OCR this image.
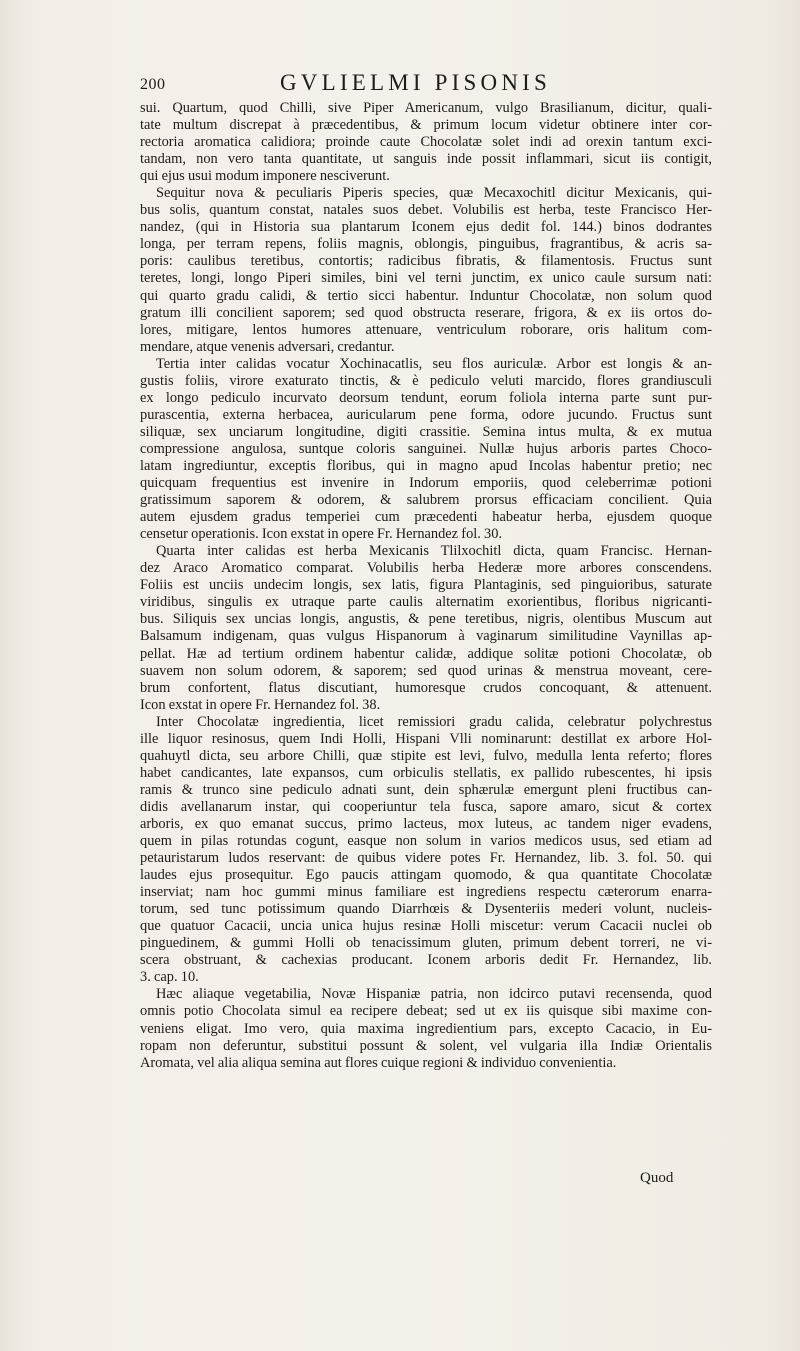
200	GVLIELMI PISONIS
sui. Quartum, quod Chilli, sive Piper Americanum, vulgo Brasilianum, dicitur, quali-
tate multum discrepat à præcedentibus, & primum locum videtur obtinere inter cor-
rectoria aromatica calidiora; proinde caute Chocolatæ solet indi ad orexin tantum exci-
tandam, non vero tanta quantitate, ut sanguis inde possit inflammari, sicut iis contigit,
qui ejus usui modum imponere nesciverunt.
Sequitur nova & peculiaris Piperis species, quæ Mecaxochitl dicitur Mexicanis, qui-
bus solis, quantum constat, natales suos debet. Volubilis est herba, teste Francisco Her-
nandez, (qui in Historia sua plantarum Iconem ejus dedit fol. 144.) binos dodrantes
longa, per terram repens, foliis magnis, oblongis, pinguibus, fragrantibus, & acris sa-
poris: caulibus teretibus, contortis; radicibus fibratis, & filamentosis. Fructus sunt
teretes, longi, longo Piperi similes, bini vel terni junctim, ex unico caule sursum nati:
qui quarto gradu calidi, & tertio sicci habentur. Induntur Chocolatæ, non solum quod
gratum illi concilient saporem; sed quod obstructa reserare, frigora, & ex iis ortos do-
lores, mitigare, lentos humores attenuare, ventriculum roborare, oris halitum com-
mendare, atque venenis adversari, credantur.
Tertia inter calidas vocatur Xochinacatlis, seu flos auriculæ. Arbor est longis & an-
gustis foliis, virore exaturato tinctis, & è pediculo veluti marcido, flores grandiusculi
ex longo pediculo incurvato deorsum tendunt, eorum foliola interna parte sunt pur-
purascentia, externa herbacea, auricularum pene forma, odore jucundo. Fructus sunt
siliquæ, sex unciarum longitudine, digiti crassitie. Semina intus multa, & ex mutua
compressione angulosa, suntque coloris sanguinei. Nullæ hujus arboris partes Choco-
latam ingrediuntur, exceptis floribus, qui in magno apud Incolas habentur pretio; nec
quicquam frequentius est invenire in Indorum emporiis, quod celeberrimæ potioni
gratissimum saporem & odorem, & salubrem prorsus efficaciam concilient. Quia
autem ejusdem gradus temperiei cum præcedenti habeatur herba, ejusdem quoque
censetur operationis. Icon exstat in opere Fr. Hernandez fol. 30.
Quarta inter calidas est herba Mexicanis Tlilxochitl dicta, quam Francisc. Hernan-
dez Araco Aromatico comparat. Volubilis herba Hederæ more arbores conscendens.
Foliis est unciis undecim longis, sex latis, figura Plantaginis, sed pinguioribus, saturate
viridibus, singulis ex utraque parte caulis alternatim exorientibus, floribus nigricanti-
bus. Siliquis sex uncias longis, angustis, & pene teretibus, nigris, olentibus Muscum aut
Balsamum indigenam, quas vulgus Hispanorum à vaginarum similitudine Vaynillas ap-
pellat. Hæ ad tertium ordinem habentur calidæ, addique solitæ potioni Chocolatæ, ob
suavem non solum odorem, & saporem; sed quod urinas & menstrua moveant, cere-
brum confortent, flatus discutiant, humoresque crudos concoquant, & attenuent.
Icon exstat in opere Fr. Hernandez fol. 38.
Inter Chocolatæ ingredientia, licet remissiori gradu calida, celebratur polychrestus
ille liquor resinosus, quem Indi Holli, Hispani Vlli nominarunt: destillat ex arbore Hol-
quahuytl dicta, seu arbore Chilli, quæ stipite est levi, fulvo, medulla lenta referto; flores
habet candicantes, late expansos, cum orbiculis stellatis, ex pallido rubescentes, hi ipsis
ramis & trunco sine pediculo adnati sunt, dein sphærulæ emergunt pleni fructibus can-
didis avellanarum instar, qui cooperiuntur tela fusca, sapore amaro, sicut & cortex
arboris, ex quo emanat succus, primo lacteus, mox luteus, ac tandem niger evadens,
quem in pilas rotundas cogunt, easque non solum in varios medicos usus, sed etiam ad
petauristarum ludos reservant: de quibus videre potes Fr. Hernandez, lib. 3. fol. 50. qui
laudes ejus prosequitur. Ego paucis attingam quomodo, & qua quantitate Chocolatæ
inserviat; nam hoc gummi minus familiare est ingrediens respectu cæterorum enarra-
torum, sed tunc potissimum quando Diarrhœis & Dysenteriis mederi volunt, nucleis-
que quatuor Cacacii, uncia unica hujus resinæ Holli miscetur: verum Cacacii nuclei ob
pinguedinem, & gummi Holli ob tenacissimum gluten, primum debent torreri, ne vi-
scera obstruant, & cachexias producant. Iconem arboris dedit Fr. Hernandez, lib.
3. cap. 10.
Hæc aliaque vegetabilia, Novæ Hispaniæ patria, non idcirco putavi recensenda, quod
omnis potio Chocolata simul ea recipere debeat; sed ut ex iis quisque sibi maxime con-
veniens eligat. Imo vero, quia maxima ingredientium pars, excepto Cacacio, in Eu-
ropam non deferuntur, substitui possunt & solent, vel vulgaria illa Indiæ Orientalis
Aromata, vel alia aliqua semina aut flores cuique regioni & individuo convenientia.
Quod
